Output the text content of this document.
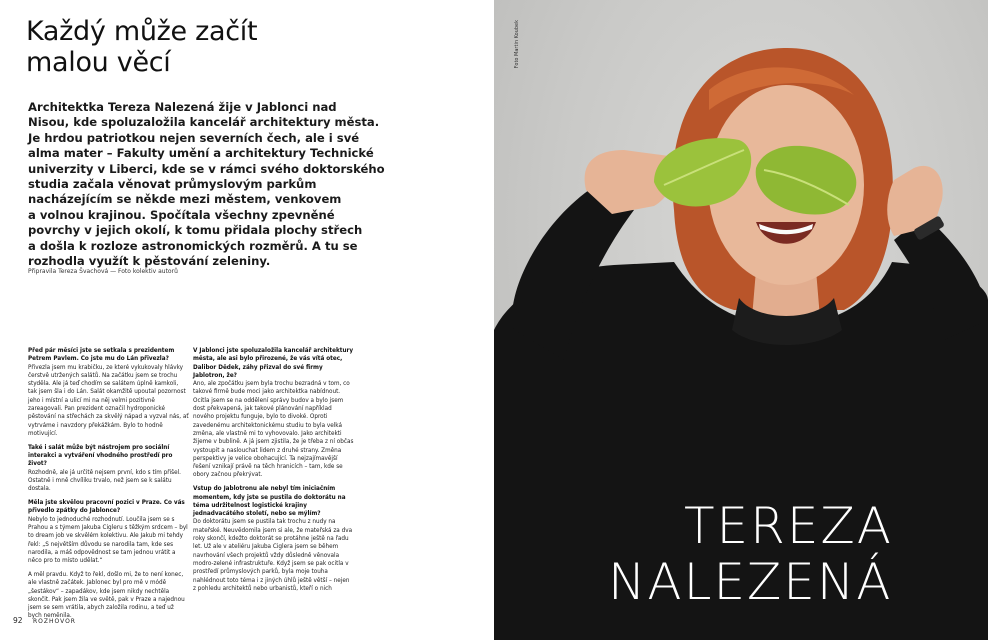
Každý může začít
malou věcí

Architektka Tereza Nalezená žije v Jablonci nad
Nisou, kde spoluzaložila kancelář architektury města.
Je hrdou patriotkou nejen severních čech, ale i své
alma mater – Fakulty umění a architektury Technické
univerzity v Liberci, kde se v rámci svého doktorského
studia začala věnovat průmyslovým parkům
nacházejícím se někde mezi městem, venkovem
a volnou krajinou. Spočítala všechny zpevněné
povrchy v jejich okolí, k tomu přidala plochy střech
a došla k rozloze astronomických rozměrů. A tu se
rozhodla využít k pěstování zeleniny.

Připravila Tereza Švachová — Foto kolektiv autorů

Před pár měsíci jste se setkala s prezidentem Petrem Pavlem. Co jste mu do Lán přivezla?
Přivezla jsem mu krabičku, ze které vykukovaly hlávky čerstvě utržených salátů. Na začátku jsem se trochu styděla. Ale já teď chodím se salátem úplně kamkoli, tak jsem šla i do Lán. Salát okamžitě upoutal pozornost jeho i místní a ulicí mi na něj velmi pozitivně zareagovali. Pan prezident označil hydroponické pěstování na střechách za skvělý nápad a vyzval nás, ať vytrváme i navzdory překážkám. Bylo to hodně motivující.

Také i salát může být nástrojem pro sociální interakci a vytváření vhodného prostředí pro život?
Rozhodně, ale já určitě nejsem první, kdo s tím přišel. Ostatně i mně chvíliku trvalo, než jsem se k salátu dostala.

Měla jste skvělou pracovní pozici v Praze. Co vás přivedlo zpátky do Jablonce?
Nebylo to jednoduché rozhodnutí. Loučila jsem se s Prahou a s týmem Jakuba Cigleru s těžkým srdcem – byl to dream job ve skvělém kolektivu. Ale Jakub mi tehdy řekl: „S největším důvodu se narodila tam, kde ses narodila, a máš odpovědnost se tam jednou vrátit a něco pro to místo udělat.“

A měl pravdu. Když to řekl, došlo mi, že to není konec, ale vlastně začátek. Jablonec byl pro mě v módě „šestákov“ – zapadákov, kde jsem nikdy nechtěla skončit. Pak jsem žila ve světě, pak v Praze a najednou jsem se sem vrátila, abych založila rodinu, a teď už bych neměnila.

V Jablonci jste spoluzaložila kancelář architektury města, ale asi bylo přirozené, že vás vítá otec, Dalibor Dědek, záhy přizval do své firmy Jablotron, že?
Ano, ale zpočátku jsem byla trochu bezradná v tom, co takové firmě bude moci jako architektka nabídnout. Ocitla jsem se na oddělení správy budov a bylo jsem dost překvapená, jak takové plánování například nového projektu funguje, bylo to divoké. Oproti zavedenému architektonickému studiu to byla velká změna, ale vlastně mi to vyhovovalo. Jako architekti žijeme v bublině. A já jsem zjistila, že je třeba z ní občas vystoupit a naslouchat lidem z druhé strany. Změna perspektivy je velice obohacující. Ta nejzajímavější řešení vznikají právě na těch hranicích – tam, kde se obory začnou překrývat.

Vstup do Jablotronu ale nebyl tím iniciačním momentem, kdy jste se pustila do doktorátu na téma udržitelnost logistické krajiny jednadvacátého století, nebo se mýlím?
Do doktorátu jsem se pustila tak trochu z nudy na mateřské. Neuvědomila jsem si ale, že mateřská za dva roky skončí, kdežto doktorát se protáhne ještě na řadu let. Už ale v ateliéru Jakuba Ciglera jsem se během navrhování všech projektů vždy důsledně věnovala modro-zelené infrastruktuře. Když jsem se pak ocitla v prostředí průmyslových parků, byla moje touha nahlédnout toto téma i z jiných úhlů ještě větší – nejen z pohledu architektů nebo urbanistů, kteří o nich

92 ROZHOVOR
Foto Martin Koubek
TEREZA
NALEZENÁ
